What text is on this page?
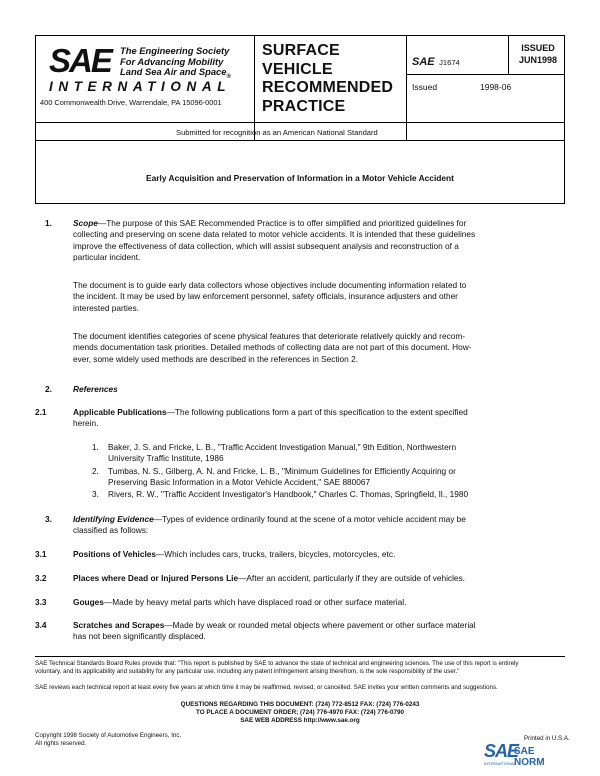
SAE The Engineering Society
For Advancing Mobility
Land Sea Air and Space$_®$
INTERNATIONAL
400 Commonwealth Drive, Warrendale, PA 15096-0001
SURFACE
VEHICLE
RECOMMENDED
PRACTICE
SAE J1674
ISSUED
JUN1998
Issued	1998-06
Submitted for recognition as an American National Standard
Early Acquisition and Preservation of Information in a Motor Vehicle Accident
1.	Scope—The purpose of this SAE Recommended Practice is to offer simplified and prioritized guidelines for
collecting and preserving on scene data related to motor vehicle accidents. It is intended that these guidelines
improve the effectiveness of data collection, which will assist subsequent analysis and reconstruction of a
particular incident.
The document is to guide early data collectors whose objectives include documenting information related to
the incident. It may be used by law enforcement personnel, safety officials, insurance adjusters and other
interested parties.
The document identifies categories of scene physical features that deteriorate relatively quickly and recom-
mends documentation task priorities. Detailed methods of collecting data are not part of this document. How-
ever, some widely used methods are described in the references in Section 2.
2.	References
2.1	Applicable Publications—The following publications form a part of this specification to the extent specified
herein.
1. Baker, J. S. and Fricke, L. B., "Traffic Accident Investigation Manual," 9th Edition, Northwestern
University Traffic Institute, 1986
2. Tumbas, N. S., Gilberg, A. N. and Fricke, L. B., "Minimum Guidelines for Efficiently Acquiring or
Preserving Basic Information in a Motor Vehicle Accident," SAE 880067
3. Rivers, R. W., "Traffic Accident Investigator's Handbook," Charles C. Thomas, Springfield, Il., 1980
3.	Identifying Evidence—Types of evidence ordinarily found at the scene of a motor vehicle accident may be
classified as follows:
3.1	Positions of Vehicles—Which includes cars, trucks, trailers, bicycles, motorcycles, etc.
3.2	Places where Dead or Injured Persons Lie—After an accident, particularly if they are outside of vehicles.
3.3	Gouges—Made by heavy metal parts which have displaced road or other surface material.
3.4	Scratches and Scrapes—Made by weak or rounded metal objects where pavement or other surface material
has not been significantly displaced.
SAE Technical Standards Board Rules provide that: "This report is published by SAE to advance the state of technical and engineering sciences. The use of this report is entirely
voluntary, and its applicability and suitability for any particular use, including any patent infringement arising therefrom, is the sole responsibility of the user."
SAE reviews each technical report at least every five years at which time it may be reaffirmed, revised, or cancelled. SAE invites your written comments and suggestions.
QUESTIONS REGARDING THIS DOCUMENT: (724) 772-8512 FAX: (724) 776-0243
TO PLACE A DOCUMENT ORDER; (724) 776-4970 FAX: (724) 776-0790
SAE WEB ADDRESS http://www.sae.org
Copyright 1998 Society of Automotive Engineers, Inc.
All rights reserved.
Printed in U.S.A.
SAE
SAE NORM
INTERNATIONAL
